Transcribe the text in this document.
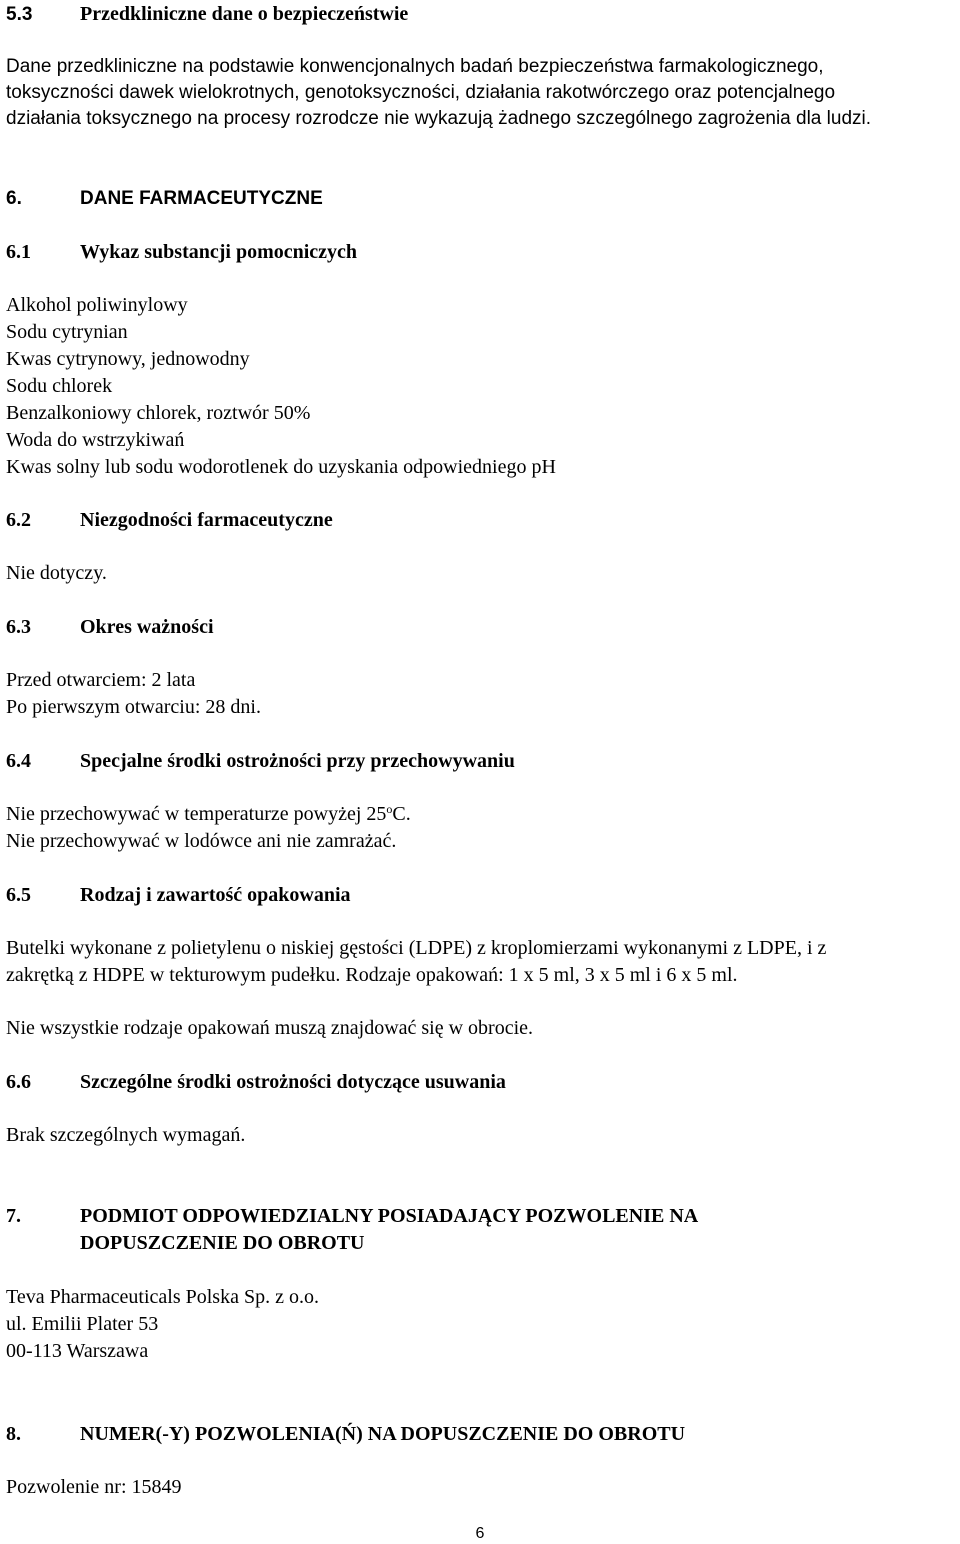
5.3 Przedkliniczne dane o bezpieczeństwie
Dane przedkliniczne na podstawie konwencjonalnych badań bezpieczeństwa farmakologicznego,
toksyczności dawek wielokrotnych, genotoksyczności, działania rakotwórczego oraz potencjalnego
działania toksycznego na procesy rozrodcze nie wykazują żadnego szczególnego zagrożenia dla ludzi.
6.	DANE FARMACEUTYCZNE
6.1 Wykaz substancji pomocniczych
Alkohol poliwinylowy
Sodu cytrynian
Kwas cytrynowy, jednowodny
Sodu chlorek
Benzalkoniowy chlorek, roztwór 50%
Woda do wstrzykiwań
Kwas solny lub sodu wodorotlenek do uzyskania odpowiedniego pH
6.2 Niezgodności farmaceutyczne
Nie dotyczy.
6.3 Okres ważności
Przed otwarciem: 2 lata
Po pierwszym otwarciu: 28 dni.
6.4 Specjalne środki ostrożności przy przechowywaniu
Nie przechowywać w temperaturze powyżej 25$^o$C.
Nie przechowywać w lodówce ani nie zamrażać.
6.5 Rodzaj i zawartość opakowania
Butelki wykonane z polietylenu o niskiej gęstości (LDPE) z kroplomierzami wykonanymi z LDPE, i z
zakrętką z HDPE w tekturowym pudełku. Rodzaje opakowań: 1 x 5 ml, 3 x 5 ml i 6 x 5 ml.
Nie wszystkie rodzaje opakowań muszą znajdować się w obrocie.
6.6 Szczególne środki ostrożności dotyczące usuwania
Brak szczególnych wymagań.
7.	PODMIOT ODPOWIEDZIALNY POSIADAJĄCY POZWOLENIE NA
DOPUSZCZENIE DO OBROTU
Teva Pharmaceuticals Polska Sp. z o.o.
ul. Emilii Plater 53
00-113 Warszawa
8.	NUMER(-Y) POZWOLENIA(Ń) NA DOPUSZCZENIE DO OBROTU
Pozwolenie nr: 15849
6
